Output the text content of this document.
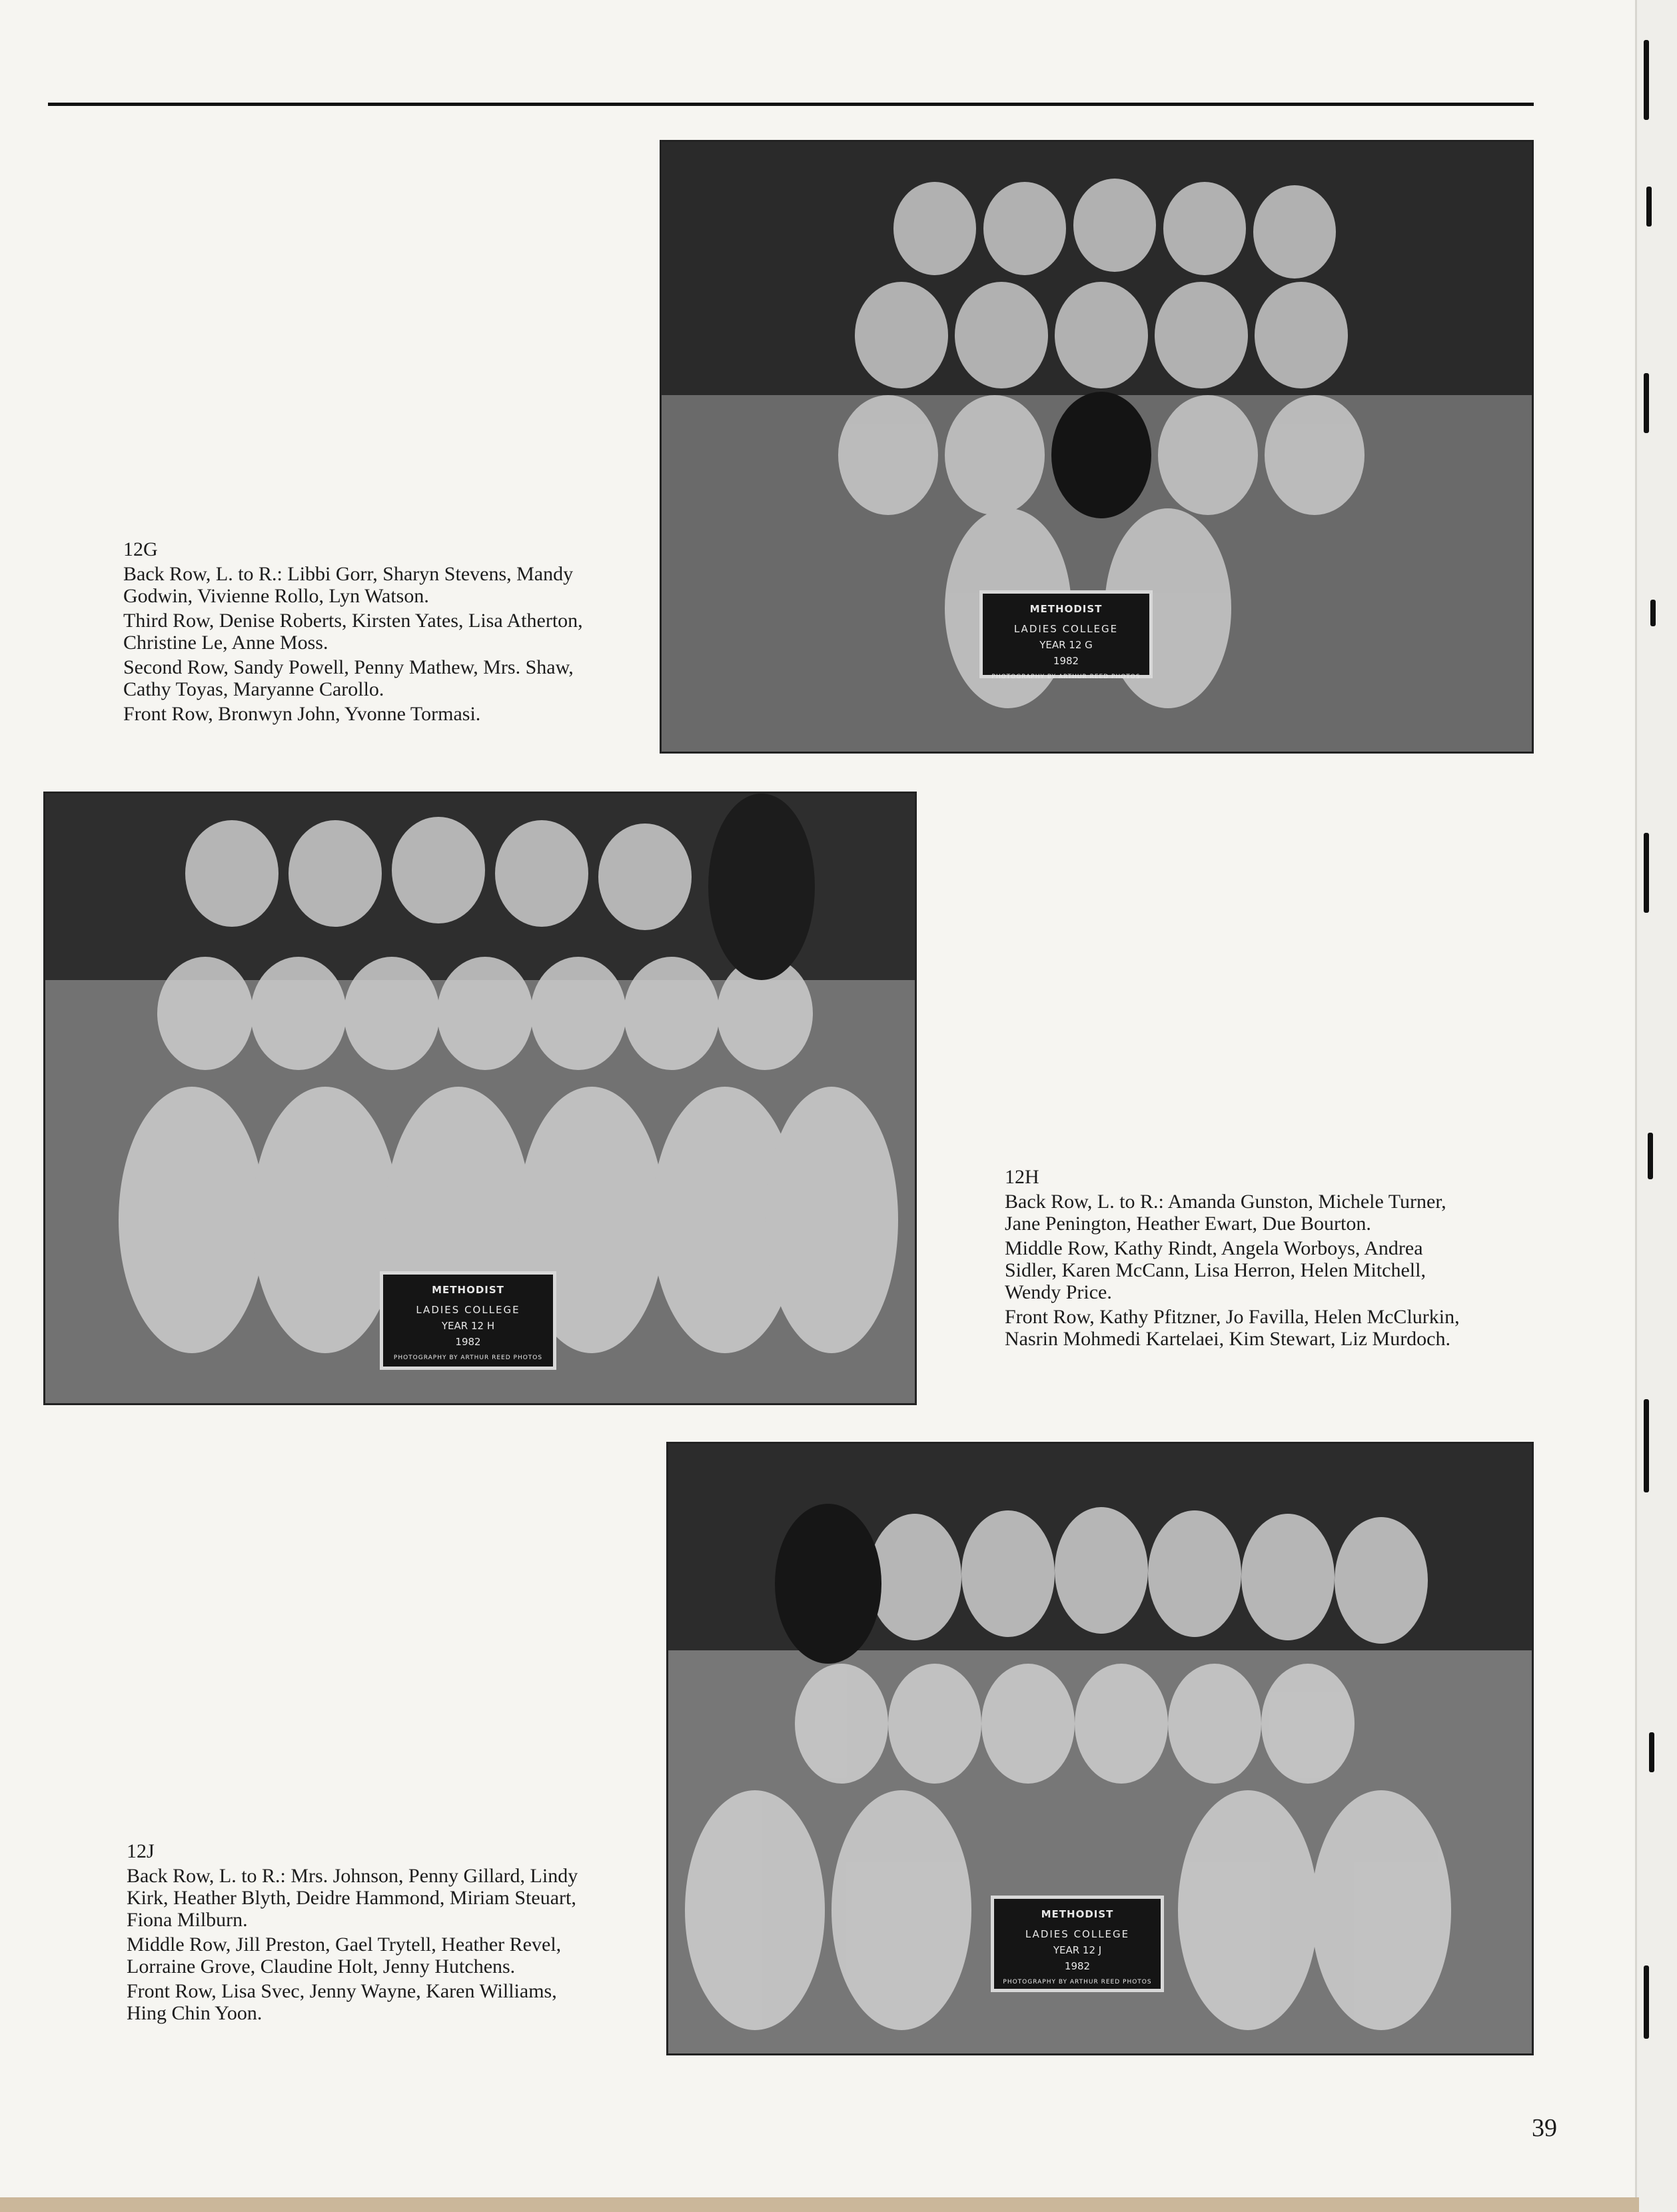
METHODIST
LADIES COLLEGE
YEAR 12 G
1982
PHOTOGRAPHY BY ARTHUR REED PHOTOS
12G
Back Row, L. to R.: Libbi Gorr, Sharyn Stevens, Mandy Godwin, Vivienne Rollo, Lyn Watson.
Third Row, Denise Roberts, Kirsten Yates, Lisa Atherton, Christine Le, Anne Moss.
Second Row, Sandy Powell, Penny Mathew, Mrs. Shaw, Cathy Toyas, Maryanne Carollo.
Front Row, Bronwyn John, Yvonne Tormasi.
METHODIST
LADIES COLLEGE
YEAR 12 H
1982
PHOTOGRAPHY BY ARTHUR REED PHOTOS
12H
Back Row, L. to R.: Amanda Gunston, Michele Turner, Jane Penington, Heather Ewart, Due Bourton.
Middle Row, Kathy Rindt, Angela Worboys, Andrea Sidler, Karen McCann, Lisa Herron, Helen Mitchell, Wendy Price.
Front Row, Kathy Pfitzner, Jo Favilla, Helen McClurkin, Nasrin Mohmedi Kartelaei, Kim Stewart, Liz Murdoch.
METHODIST
LADIES COLLEGE
YEAR 12 J
1982
PHOTOGRAPHY BY ARTHUR REED PHOTOS
12J
Back Row, L. to R.: Mrs. Johnson, Penny Gillard, Lindy Kirk, Heather Blyth, Deidre Hammond, Miriam Steuart, Fiona Milburn.
Middle Row, Jill Preston, Gael Trytell, Heather Revel, Lorraine Grove, Claudine Holt, Jenny Hutchens.
Front Row, Lisa Svec, Jenny Wayne, Karen Williams, Hing Chin Yoon.
39
